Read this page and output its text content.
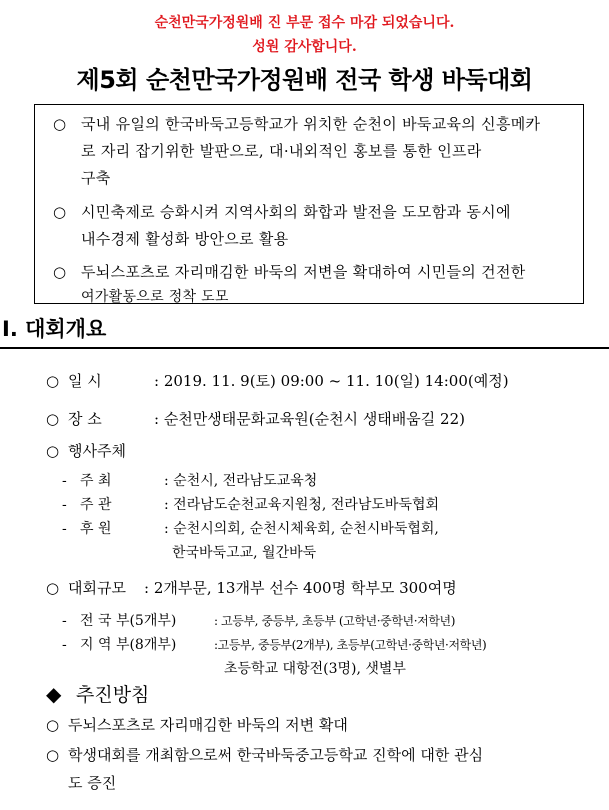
순천만국가정원배 진 부문 접수 마감 되었습니다.
성원 감사합니다.
제5회 순천만국가정원배 전국 학생 바둑대회
○ 국내 유일의 한국바둑고등학교가 위치한 순천이 바둑교육의 신흥메카
로 자리 잡기위한 발판으로, 대·내외적인 홍보를 통한 인프라
구축
○ 시민축제로 승화시켜 지역사회의 화합과 발전을 도모함과 동시에
내수경제 활성화 방안으로 활용
○ 두뇌스포츠로 자리매김한 바둑의 저변을 확대하여 시민들의 건전한
여가활동으로 정착 도모
Ⅰ. 대회개요
○ 일 시	: 2019. 11. 9(토) 09:00 ~ 11. 10(일) 14:00(예정)
○ 장 소	: 순천만생태문화교육원(순천시 생태배움길 22)
○ 행사주체
- 주 최	: 순천시, 전라남도교육청
- 주 관	: 전라남도순천교육지원청, 전라남도바둑협회
- 후 원	: 순천시의회, 순천시체육회, 순천시바둑협회,
한국바둑고교, 월간바둑
○ 대회규모 : 2개부문, 13개부 선수 400명 학부모 300여명
- 전 국 부(5개부)	: 고등부, 중등부, 초등부 (고학년·중학년·저학년)
- 지 역 부(8개부)	:고등부, 중등부(2개부), 초등부(고학년·중학년·저학년)
초등학교 대항전(3명), 샛별부
◆ 추진방침
○ 두뇌스포츠로 자리매김한 바둑의 저변 확대
○ 학생대회를 개최함으로써 한국바둑중고등학교 진학에 대한 관심
도 증진
